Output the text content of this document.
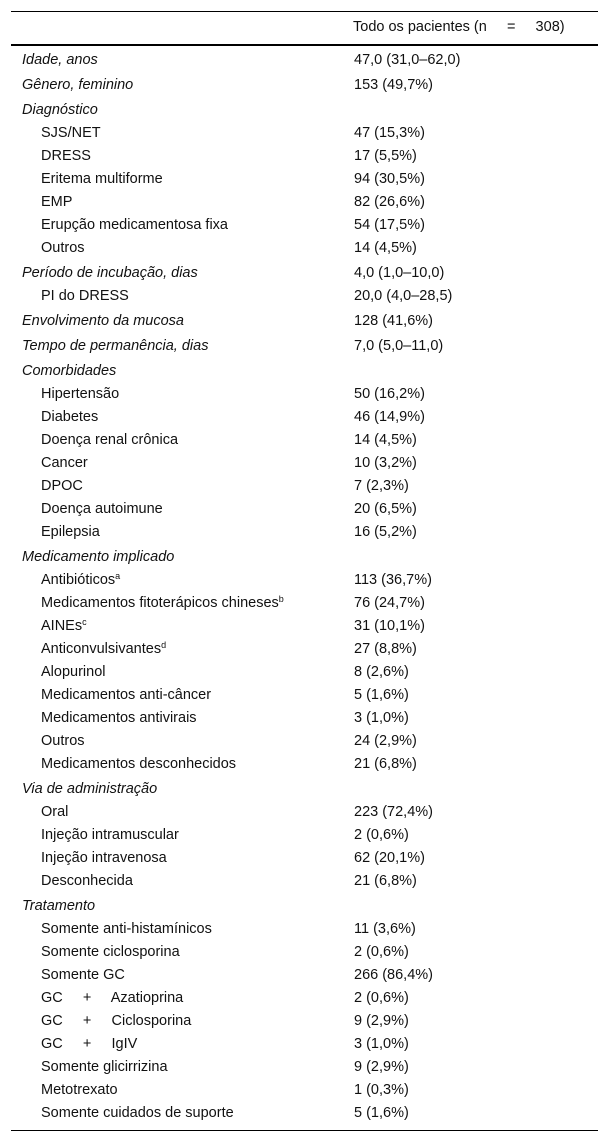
Todo os pacientes (n     =     308)
Idade, anos	47,0 (31,0–62,0)
Gênero, feminino	153 (49,7%)
Diagnóstico
SJS/NET	47 (15,3%)
DRESS	17 (5,5%)
Eritema multiforme	94 (30,5%)
EMP	82 (26,6%)
Erupção medicamentosa fixa	54 (17,5%)
Outros	14 (4,5%)
Período de incubação, dias	4,0 (1,0–10,0)
PI do DRESS	20,0 (4,0–28,5)
Envolvimento da mucosa	128 (41,6%)
Tempo de permanência, dias	7,0 (5,0–11,0)
Comorbidades
Hipertensão	50 (16,2%)
Diabetes	46 (14,9%)
Doença renal crônica	14 (4,5%)
Cancer	10 (3,2%)
DPOC	7 (2,3%)
Doença autoimune	20 (6,5%)
Epilepsia	16 (5,2%)
Medicamento implicado
Antibióticos$^a$	113 (36,7%)
Medicamentos fitoterápicos chineses$^b$	76 (24,7%)
AINEs$^c$	31 (10,1%)
Anticonvulsivantes$^d$	27 (8,8%)
Alopurinol	8 (2,6%)
Medicamentos anti-câncer	5 (1,6%)
Medicamentos antivirais	3 (1,0%)
Outros	24 (2,9%)
Medicamentos desconhecidos	21 (6,8%)
Via de administração
Oral	223 (72,4%)
Injeção intramuscular	2 (0,6%)
Injeção intravenosa	62 (20,1%)
Desconhecida	21 (6,8%)
Tratamento
Somente anti-histamínicos	11 (3,6%)
Somente ciclosporina	2 (0,6%)
Somente GC	266 (86,4%)
GC     +     Azatioprina	2 (0,6%)
GC     +     Ciclosporina	9 (2,9%)
GC     +     IgIV	3 (1,0%)
Somente glicirrizina	9 (2,9%)
Metotrexato	1 (0,3%)
Somente cuidados de suporte	5 (1,6%)
